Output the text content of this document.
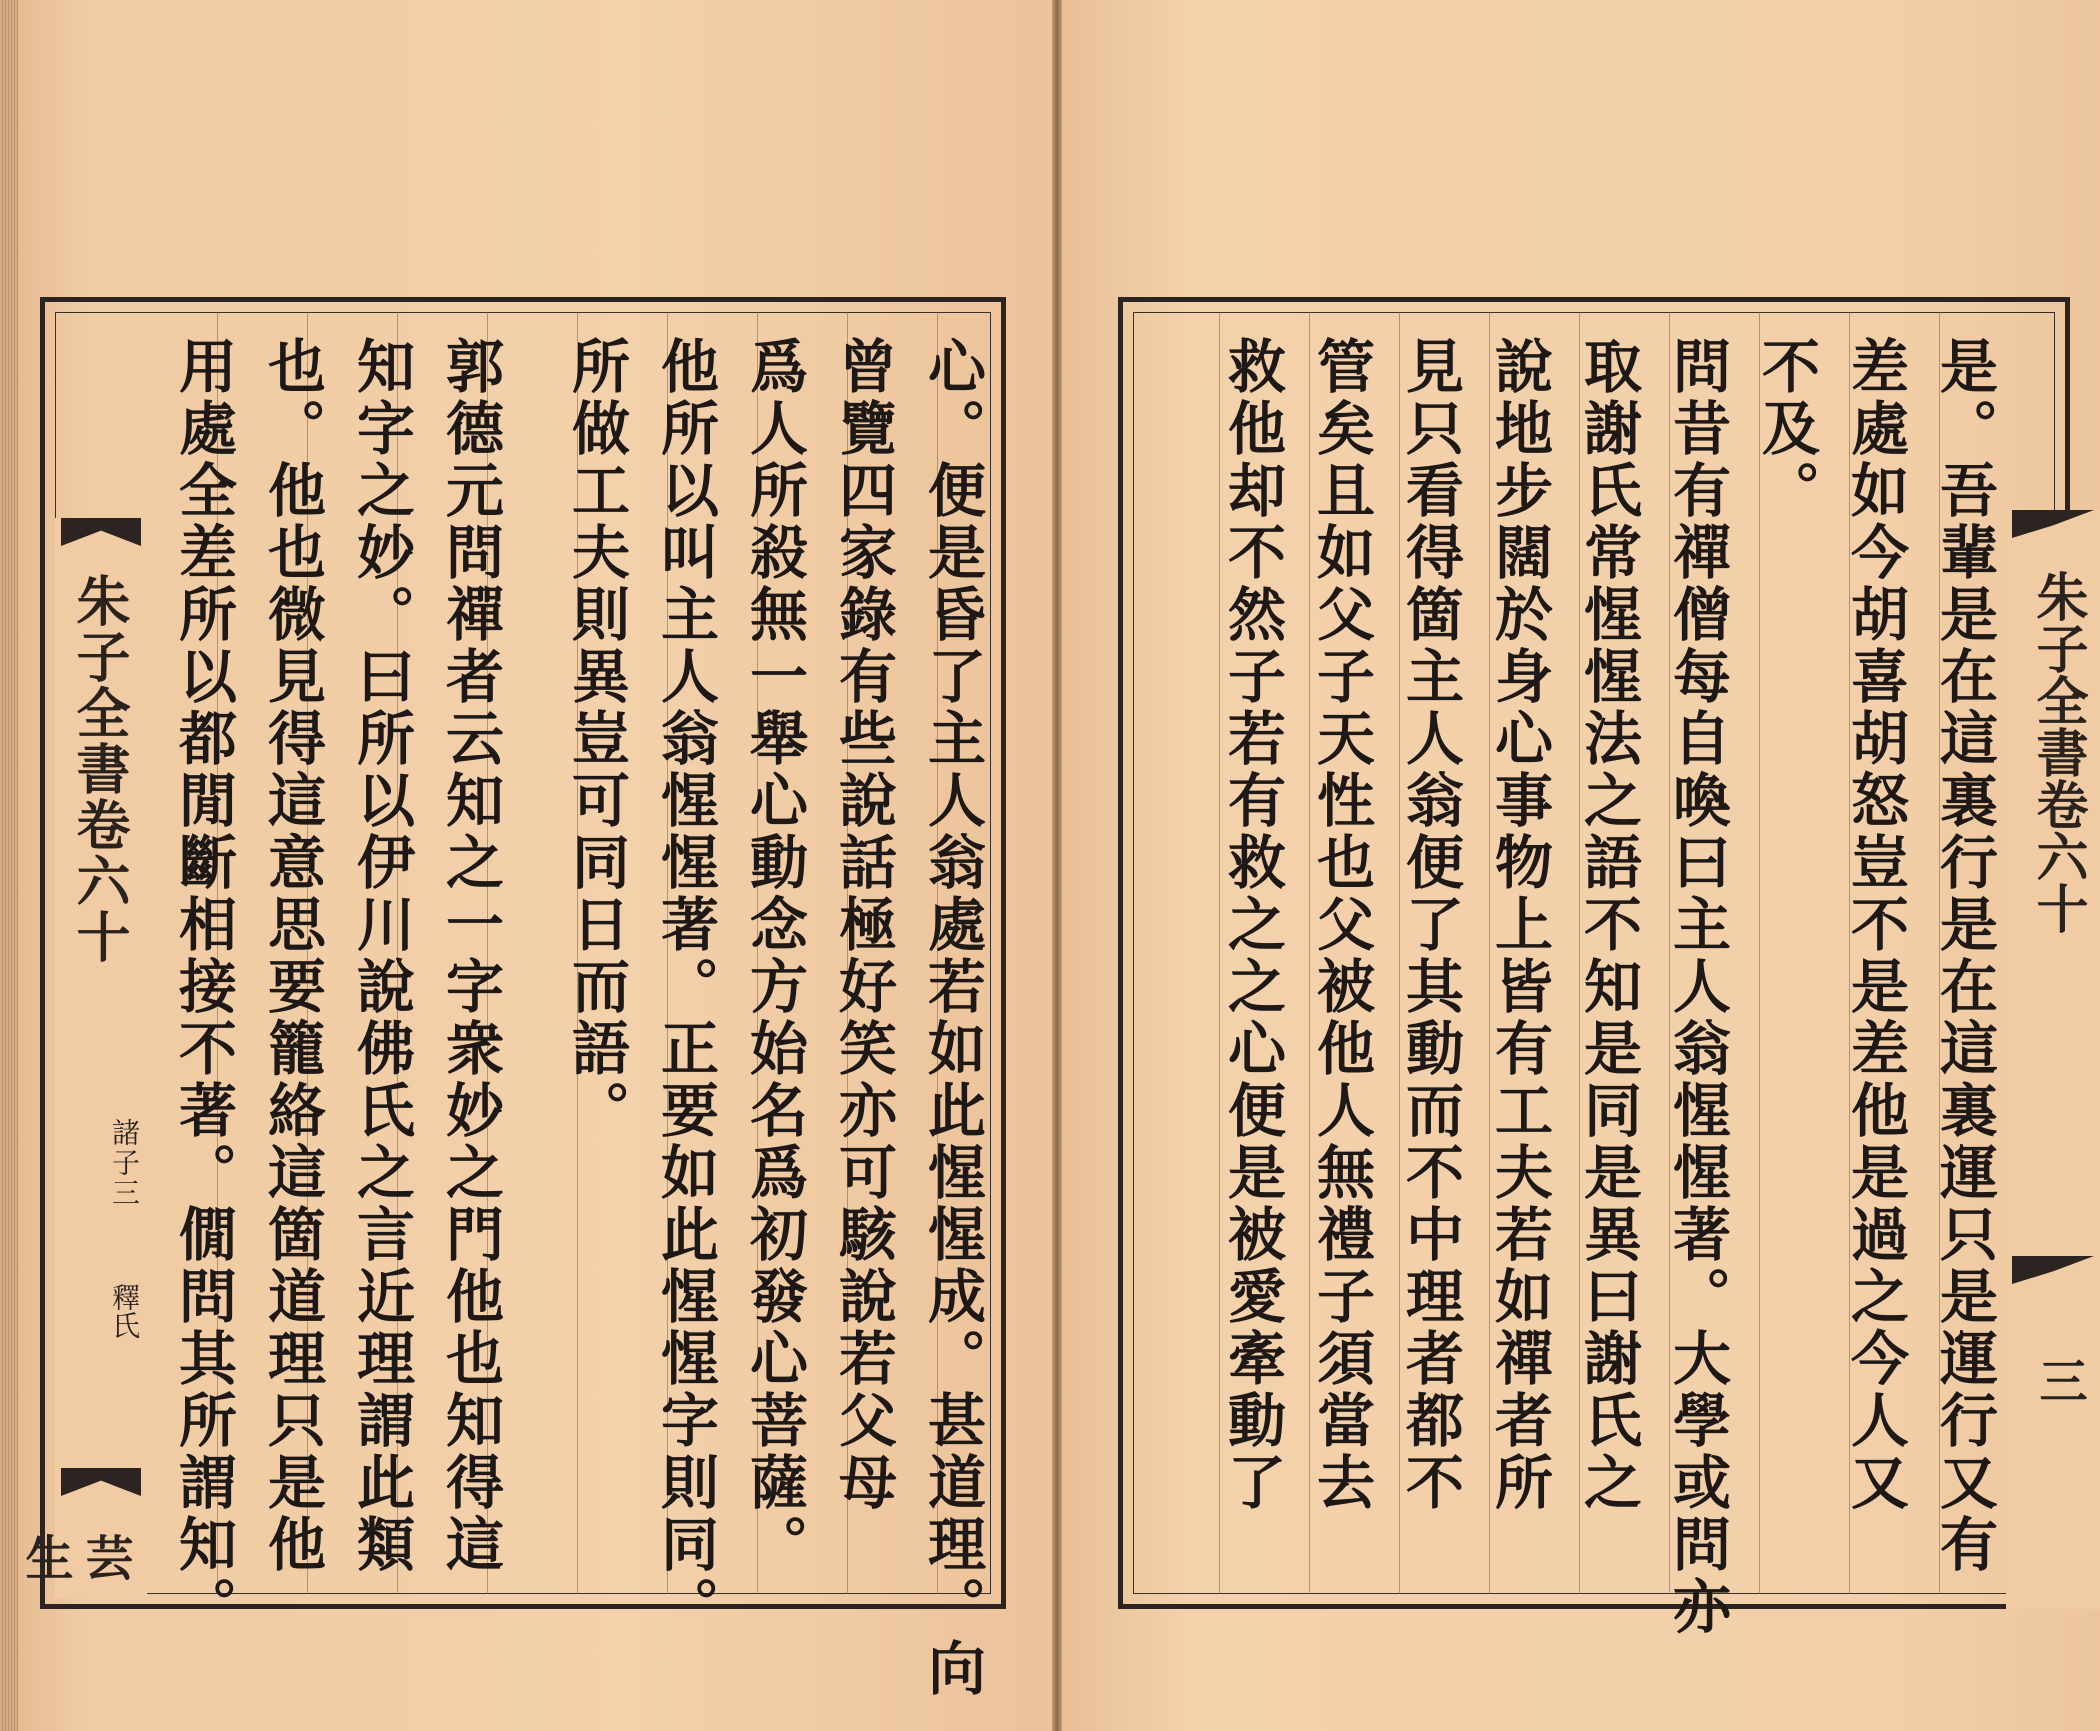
心。便是昏了主人翁處若如此惺惺成。甚道理。向
曾覽四家錄有些說話極好笑亦可駭說若父母
爲人所殺無一舉心動念方始名爲初發心菩薩。
他所以叫主人翁惺惺著。正要如此惺惺字則同。
所做工夫則異豈可同日而語。
郭德元問禪者云知之一字衆妙之門他也知得這
知字之妙。曰所以伊川說佛氏之言近理謂此類
也。他也微見得這意思要籠絡這箇道理只是他
用處全差所以都閒斷相接不著。僩問其所謂知。
朱子全書卷六十
諸子三
釋氏
芸生	是。吾輩是在這裏行是在這裏運只是運行又有
差處如今胡喜胡怒豈不是差他是過之今人又
不及。
問昔有禪僧每自喚曰主人翁惺惺著。大學或問亦
取謝氏常惺惺法之語不知是同是異曰謝氏之
說地步闊於身心事物上皆有工夫若如禪者所
見只看得箇主人翁便了其動而不中理者都不
管矣且如父子天性也父被他人無禮子須當去
救他却不然子若有救之之心便是被愛牽動了	朱子全書卷六十
三
